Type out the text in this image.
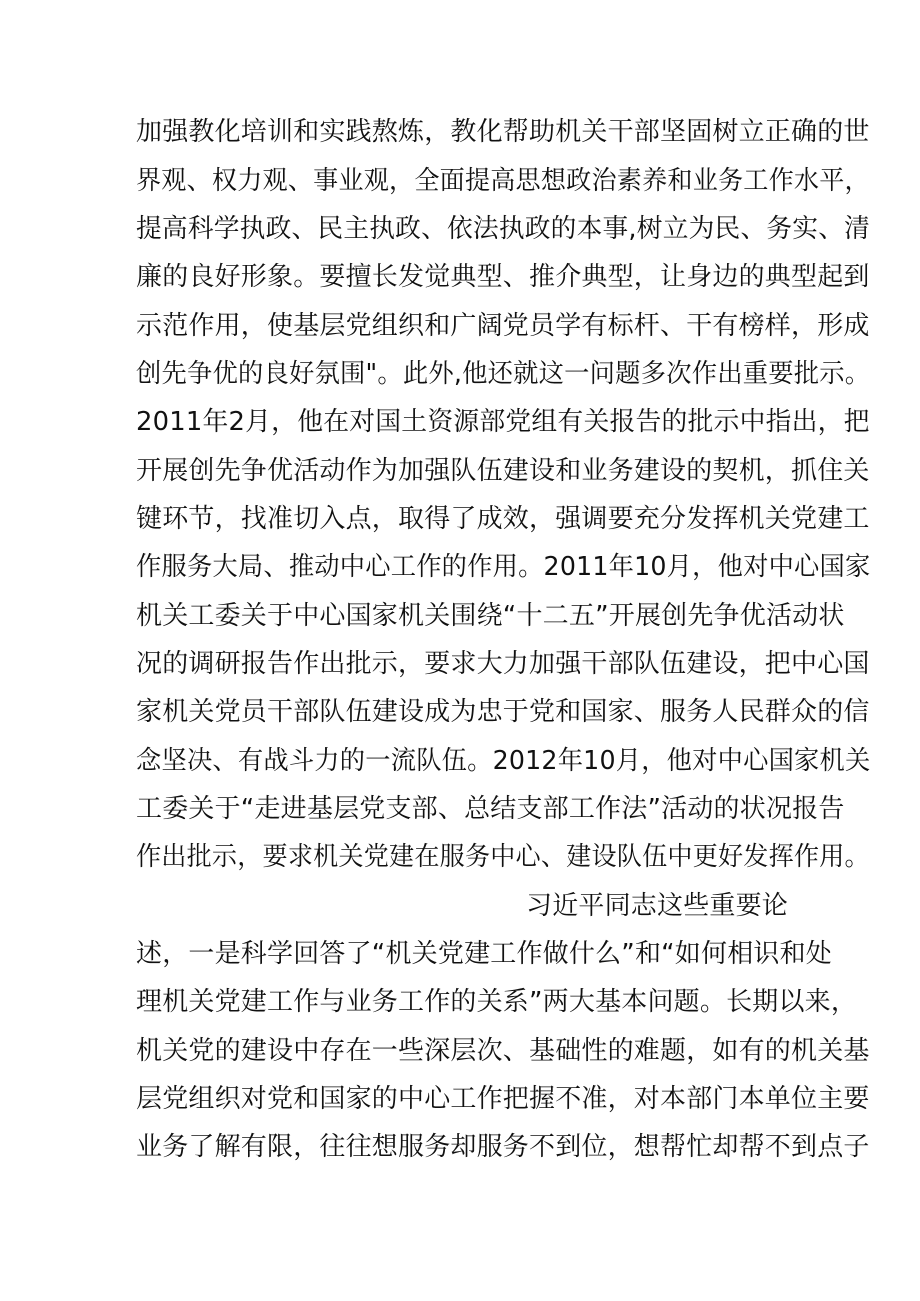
加强教化培训和实践熬炼，教化帮助机关干部坚固树立正确的世
界观、权力观、事业观，全面提高思想政治素养和业务工作水平，
提高科学执政、民主执政、依法执政的本事,树立为民、务实、清
廉的良好形象。要擅长发觉典型、推介典型，让身边的典型起到
示范作用，使基层党组织和广阔党员学有标杆、干有榜样，形成
创先争优的良好氛围"。此外,他还就这一问题多次作出重要批示。
2011年2月，他在对国土资源部党组有关报告的批示中指出，把
开展创先争优活动作为加强队伍建设和业务建设的契机，抓住关
键环节，找准切入点，取得了成效，强调要充分发挥机关党建工
作服务大局、推动中心工作的作用。2011年10月，他对中心国家
机关工委关于中心国家机关围绕“十二五”开展创先争优活动状
况的调研报告作出批示，要求大力加强干部队伍建设，把中心国
家机关党员干部队伍建设成为忠于党和国家、服务人民群众的信
念坚决、有战斗力的一流队伍。2012年10月，他对中心国家机关
工委关于“走进基层党支部、总结支部工作法”活动的状况报告
作出批示，要求机关党建在服务中心、建设队伍中更好发挥作用。
习近平同志这些重要论
述，一是科学回答了“机关党建工作做什么”和“如何相识和处
理机关党建工作与业务工作的关系”两大基本问题。长期以来，
机关党的建设中存在一些深层次、基础性的难题，如有的机关基
层党组织对党和国家的中心工作把握不准，对本部门本单位主要
业务了解有限，往往想服务却服务不到位，想帮忙却帮不到点子
